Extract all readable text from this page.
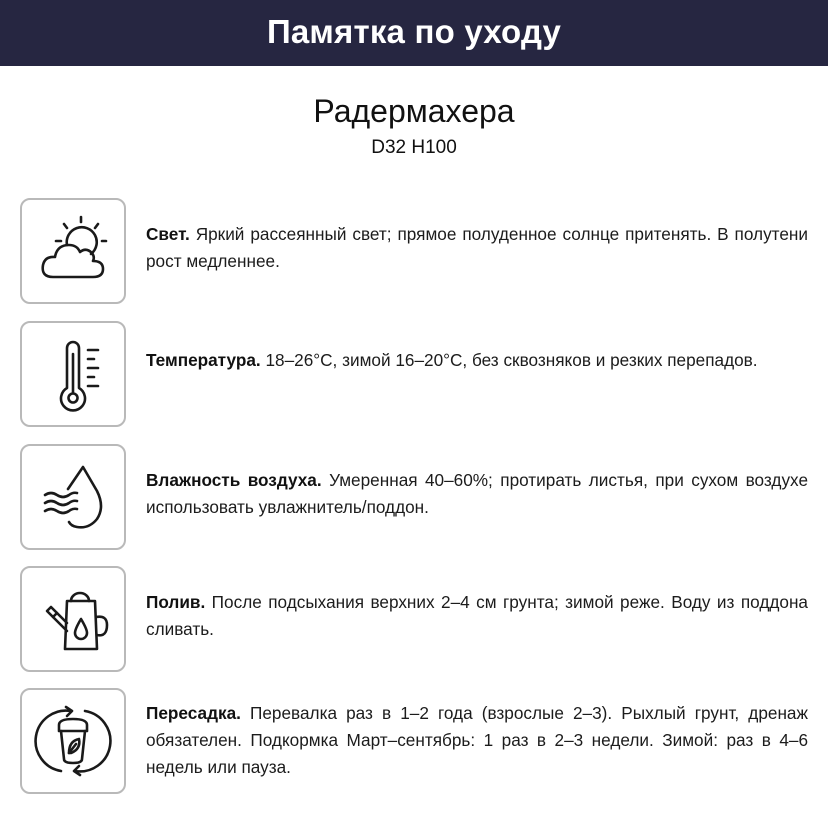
Памятка по уходу
Радермахера
D32 H100
Свет. Яркий рассеянный свет; прямое полуденное солнце притенять. В полутени рост медленнее.
Температура. 18–26°C, зимой 16–20°C, без сквозняков и резких перепадов.
Влажность воздуха. Умеренная 40–60%; протирать листья, при сухом воздухе использовать увлажнитель/поддон.
Полив. После подсыхания верхних 2–4 см грунта; зимой реже. Воду из поддона сливать.
Пересадка. Перевалка раз в 1–2 года (взрослые 2–3). Рыхлый грунт, дренаж обязателен. Подкормка Март–сентябрь: 1 раз в 2–3 недели. Зимой: раз в 4–6 недель или пауза.
